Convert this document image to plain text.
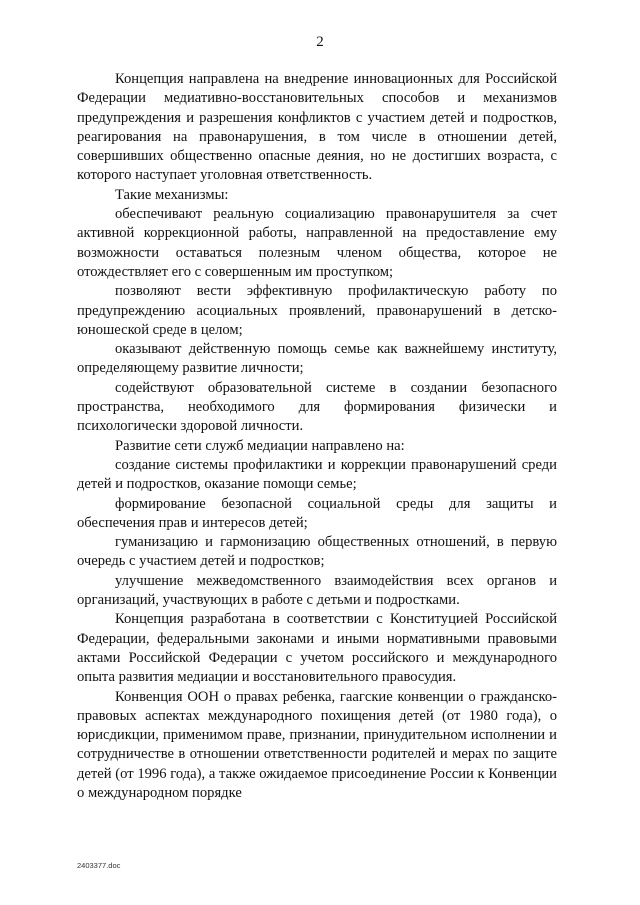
2

Концепция направлена на внедрение инновационных для Российской Федерации медиативно-восстановительных способов и механизмов предупреждения и разрешения конфликтов с участием детей и подростков, реагирования на правонарушения, в том числе в отношении детей, совершивших общественно опасные деяния, но не достигших возраста, с которого наступает уголовная ответственность.

Такие механизмы:

обеспечивают реальную социализацию правонарушителя за счет активной коррекционной работы, направленной на предоставление ему возможности оставаться полезным членом общества, которое не отождествляет его с совершенным им проступком;

позволяют вести эффективную профилактическую работу по предупреждению асоциальных проявлений, правонарушений в детско-юношеской среде в целом;

оказывают действенную помощь семье как важнейшему институту, определяющему развитие личности;

содействуют образовательной системе в создании безопасного пространства, необходимого для формирования физически и психологически здоровой личности.

Развитие сети служб медиации направлено на:

создание системы профилактики и коррекции правонарушений среди детей и подростков, оказание помощи семье;

формирование безопасной социальной среды для защиты и обеспечения прав и интересов детей;

гуманизацию и гармонизацию общественных отношений, в первую очередь с участием детей и подростков;

улучшение межведомственного взаимодействия всех органов и организаций, участвующих в работе с детьми и подростками.

Концепция разработана в соответствии с Конституцией Российской Федерации, федеральными законами и иными нормативными правовыми актами Российской Федерации с учетом российского и международного опыта развития медиации и восстановительного правосудия.

Конвенция ООН о правах ребенка, гаагские конвенции о гражданско-правовых аспектах международного похищения детей (от 1980 года), о юрисдикции, применимом праве, признании, принудительном исполнении и сотрудничестве в отношении ответственности родителей и мерах по защите детей (от 1996 года), а также ожидаемое присоединение России к Конвенции о международном порядке

2403377.doc
